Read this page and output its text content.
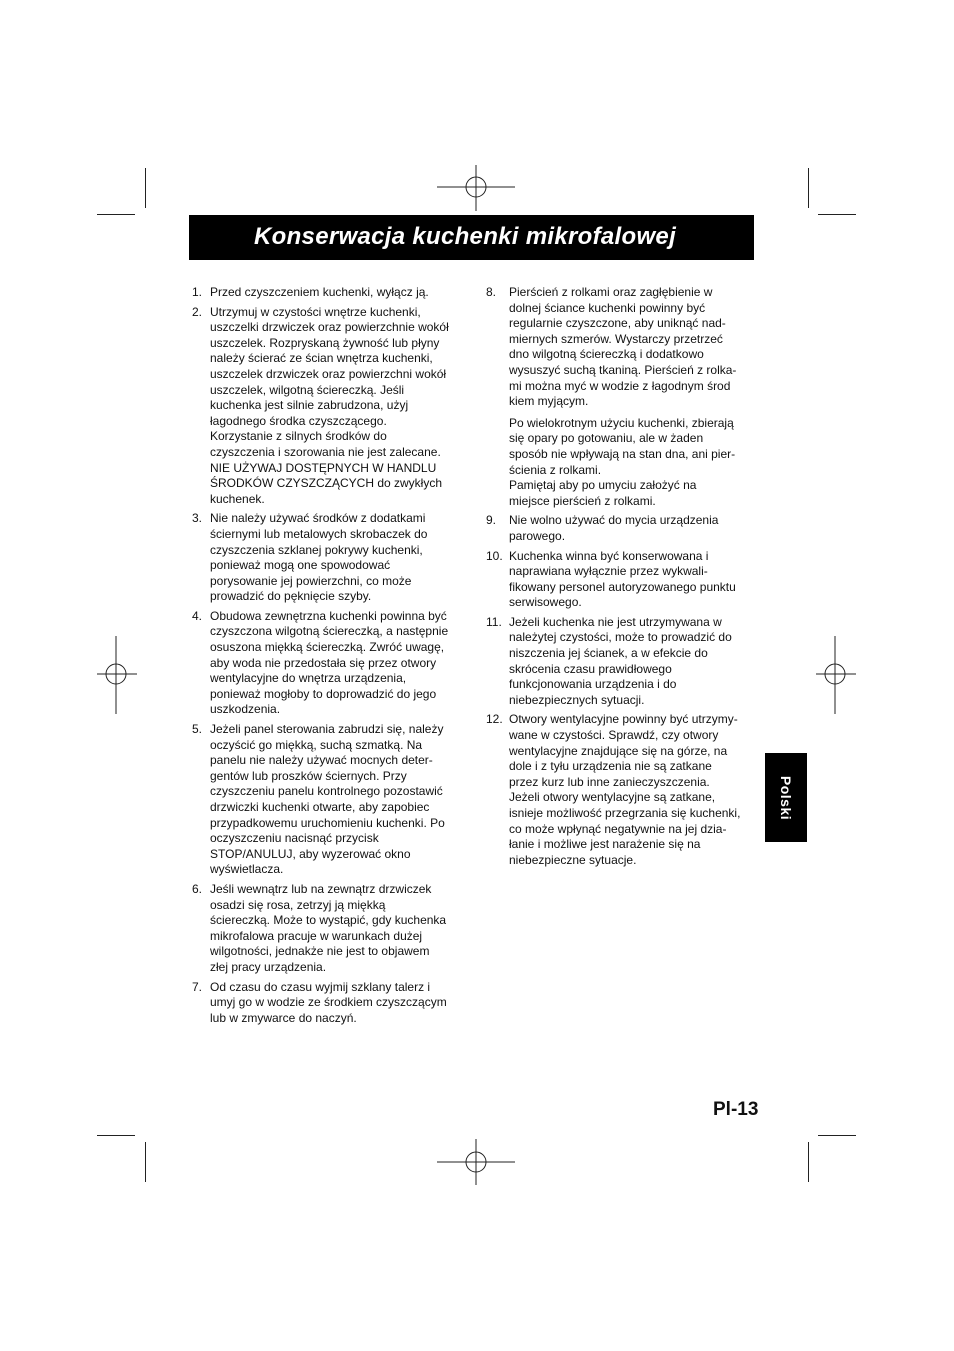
Konserwacja kuchenki mikrofalowej
1. Przed czyszczeniem kuchenki, wyłącz ją.

2. Utrzymuj w czystości wnętrze kuchenki,
uszczelki drzwiczek oraz powierzchnie wokół
uszczelek. Rozpryskaną żywność lub płyny
należy ścierać ze ścian wnętrza kuchenki,
uszczelek drzwiczek oraz powierzchni wokół
uszczelek, wilgotną ściereczką. Jeśli
kuchenka jest silnie zabrudzona, użyj
łagodnego środka czyszczącego.
Korzystanie z silnych środków do
czyszczenia i szorowania nie jest zalecane.
NIE UŻYWAJ DOSTĘPNYCH W HANDLU
ŚRODKÓW CZYSZCZĄCYCH do zwykłych
kuchenek.

3. Nie należy używać środków z dodatkami
ściernymi lub metalowych skrobaczek do
czyszczenia szklanej pokrywy kuchenki,
ponieważ mogą one spowodować
porysowanie jej powierzchni, co może
prowadzić do pęknięcie szyby.

4. Obudowa zewnętrzna kuchenki powinna być
czyszczona wilgotną ściereczką, a następnie
osuszona miękką ściereczką. Zwróć uwagę,
aby woda nie przedostała się przez otwory
wentylacyjne do wnętrza urządzenia,
ponieważ mogłoby to doprowadzić do jego
uszkodzenia.

5. Jeżeli panel sterowania zabrudzi się, należy
oczyścić go miękką, suchą szmatką. Na
panelu nie należy używać mocnych deter-
gentów lub proszków ściernych. Przy
czyszczeniu panelu kontrolnego pozostawić
drzwiczki kuchenki otwarte, aby zapobiec
przypadkowemu uruchomieniu kuchenki. Po
oczyszczeniu nacisnąć przycisk
STOP/ANULUJ, aby wyzerować okno
wyświetlacza.

6. Jeśli wewnątrz lub na zewnątrz drzwiczek
osadzi się rosa, zetrzyj ją miękką
ściereczką. Może to wystąpić, gdy kuchenka
mikrofalowa pracuje w warunkach dużej
wilgotności, jednakże nie jest to objawem
złej pracy urządzenia.

7. Od czasu do czasu wyjmij szklany talerz i
umyj go w wodzie ze środkiem czyszczącym
lub w zmywarce do naczyń.

8. Pierścień z rolkami oraz zagłębienie w
dolnej ściance kuchenki powinny być
regularnie czyszczone, aby uniknąć nad-
miernych szmerów. Wystarczy przetrzeć
dno wilgotną ściereczką i dodatkowo
wysuszyć suchą tkaniną. Pierścień z rolka-
mi można myć w wodzie z łagodnym środ
kiem myjącym.

Po wielokrotnym użyciu kuchenki, zbierają
się opary po gotowaniu, ale w żaden
sposób nie wpływają na stan dna, ani pier-
ścienia z rolkami.
Pamiętaj aby po umyciu założyć na
miejsce pierścień z rolkami.

9. Nie wolno używać do mycia urządzenia
parowego.

10. Kuchenka winna być konserwowana i
naprawiana wyłącznie przez wykwali-
fikowany personel autoryzowanego punktu
serwisowego.

11. Jeżeli kuchenka nie jest utrzymywana w
należytej czystości, może to prowadzić do
niszczenia jej ścianek, a w efekcie do
skrócenia czasu prawidłowego
funkcjonowania urządzenia i do
niebezpiecznych sytuacji.

12. Otwory wentylacyjne powinny być utrzymy-
wane w czystości. Sprawdź, czy otwory
wentylacyjne znajdujące się na górze, na
dole i z tyłu urządzenia nie są zatkane
przez kurz lub inne zanieczyszczenia.
Jeżeli otwory wentylacyjne są zatkane,
isnieje możliwość przegrzania się kuchenki,
co może wpłynąć negatywnie na jej dzia-
łanie i możliwe jest narażenie się na
niebezpieczne sytuacje.

Polski
Pl-13
